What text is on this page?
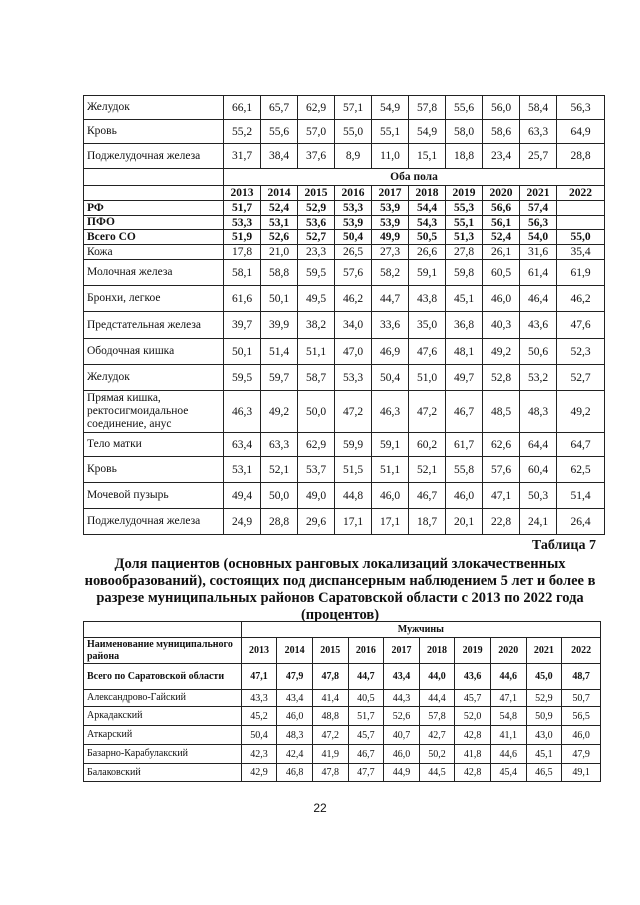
Желудок	66,1	65,7	62,9	57,1	54,9	57,8	55,6	56,0	58,4	56,3
Кровь	55,2	55,6	57,0	55,0	55,1	54,9	58,0	58,6	63,3	64,9
Поджелудочная железа	31,7	38,4	37,6	8,9	11,0	15,1	18,8	23,4	25,7	28,8
	Оба пола									
	2013	2014	2015	2016	2017	2018	2019	2020	2021	2022
РФ	51,7	52,4	52,9	53,3	53,9	54,4	55,3	56,6	57,4	
ПФО	53,3	53,1	53,6	53,9	53,9	54,3	55,1	56,1	56,3	
Всего СО	51,9	52,6	52,7	50,4	49,9	50,5	51,3	52,4	54,0	55,0
Кожа	17,8	21,0	23,3	26,5	27,3	26,6	27,8	26,1	31,6	35,4
Молочная железа	58,1	58,8	59,5	57,6	58,2	59,1	59,8	60,5	61,4	61,9
Бронхи, легкое	61,6	50,1	49,5	46,2	44,7	43,8	45,1	46,0	46,4	46,2
Предстательная железа	39,7	39,9	38,2	34,0	33,6	35,0	36,8	40,3	43,6	47,6
Ободочная кишка	50,1	51,4	51,1	47,0	46,9	47,6	48,1	49,2	50,6	52,3
Желудок	59,5	59,7	58,7	53,3	50,4	51,0	49,7	52,8	53,2	52,7
Прямая кишка, ректосигмоидальное соединение, анус	46,3	49,2	50,0	47,2	46,3	47,2	46,7	48,5	48,3	49,2
Тело матки	63,4	63,3	62,9	59,9	59,1	60,2	61,7	62,6	64,4	64,7
Кровь	53,1	52,1	53,7	51,5	51,1	52,1	55,8	57,6	60,4	62,5
Мочевой пузырь	49,4	50,0	49,0	44,8	46,0	46,7	46,0	47,1	50,3	51,4
Поджелудочная железа	24,9	28,8	29,6	17,1	17,1	18,7	20,1	22,8	24,1	26,4
Таблица 7
Доля пациентов (основных ранговых локализаций злокачественных новообразований), состоящих под диспансерным наблюдением 5 лет и более в разрезе муниципальных районов Саратовской области с 2013 по 2022 года (процентов)
	Мужчины									
Наименование муниципального района	2013	2014	2015	2016	2017	2018	2019	2020	2021	2022
Всего по Саратовской области	47,1	47,9	47,8	44,7	43,4	44,0	43,6	44,6	45,0	48,7
Александрово-Гайский	43,3	43,4	41,4	40,5	44,3	44,4	45,7	47,1	52,9	50,7
Аркадакский	45,2	46,0	48,8	51,7	52,6	57,8	52,0	54,8	50,9	56,5
Аткарский	50,4	48,3	47,2	45,7	40,7	42,7	42,8	41,1	43,0	46,0
Базарно-Карабулакский	42,3	42,4	41,9	46,7	46,0	50,2	41,8	44,6	45,1	47,9
Балаковский	42,9	46,8	47,8	47,7	44,9	44,5	42,8	45,4	46,5	49,1
22
